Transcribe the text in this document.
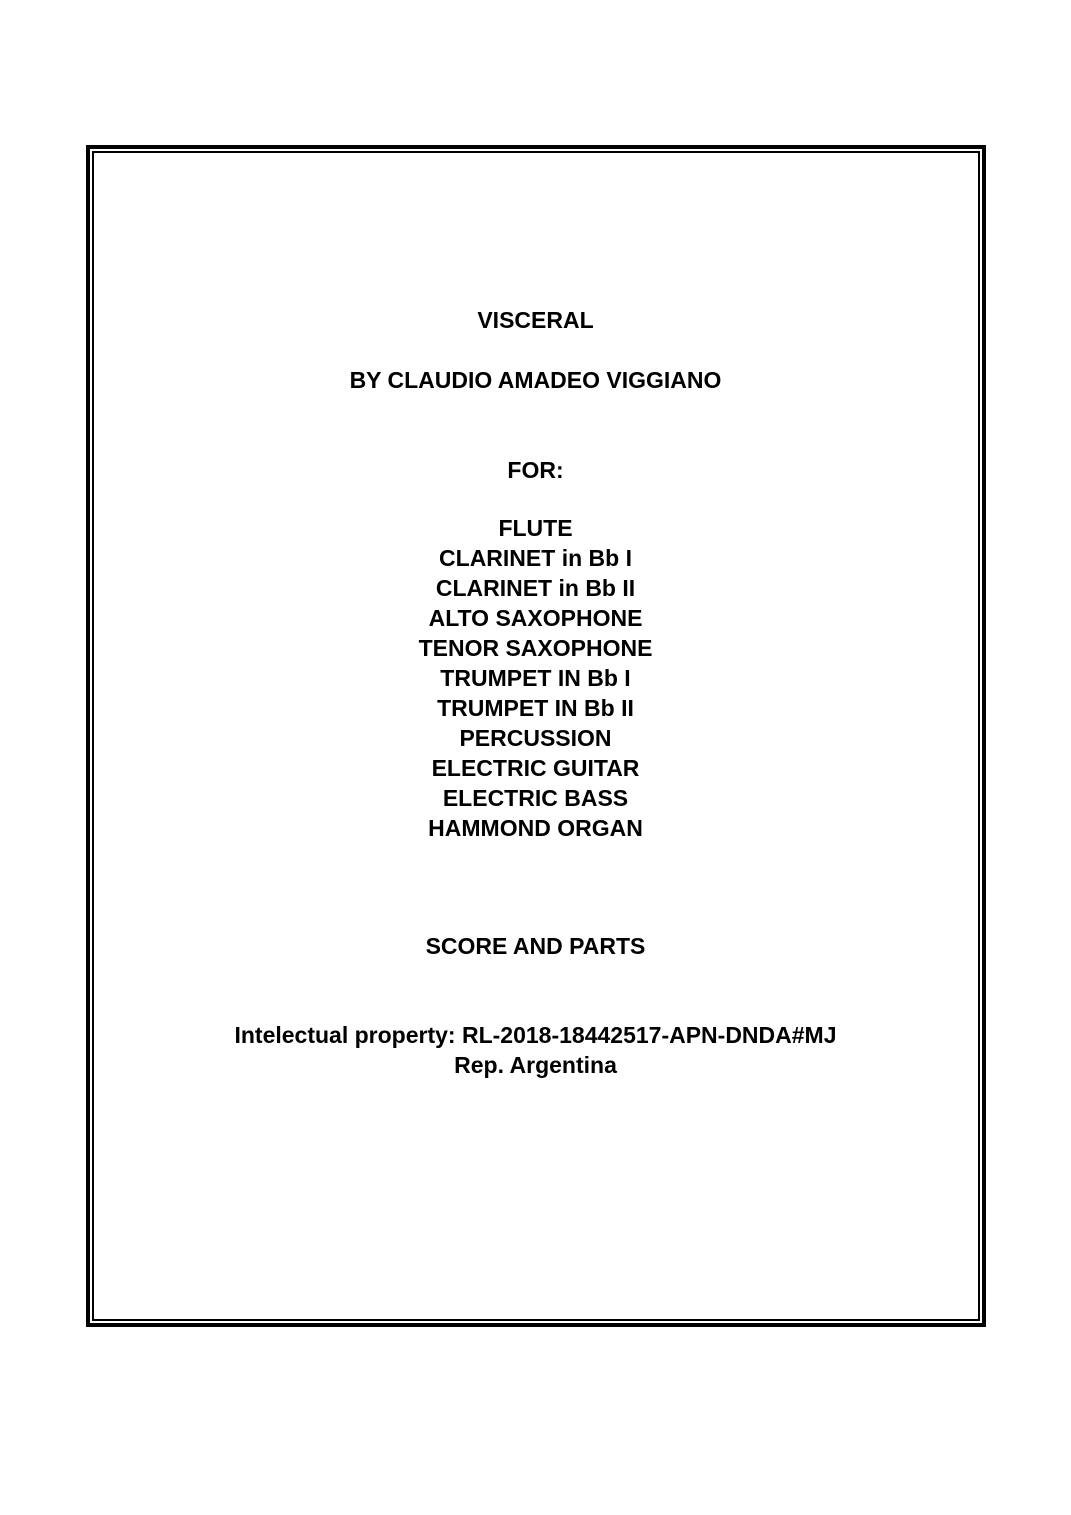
VISCERAL
BY CLAUDIO AMADEO VIGGIANO
FOR:
FLUTE
CLARINET in Bb I
CLARINET in Bb II
ALTO SAXOPHONE
TENOR SAXOPHONE
TRUMPET IN Bb I
TRUMPET IN Bb II
PERCUSSION
ELECTRIC GUITAR
ELECTRIC BASS
HAMMOND ORGAN
SCORE AND PARTS
Intelectual property: RL-2018-18442517-APN-DNDA#MJ
Rep. Argentina
